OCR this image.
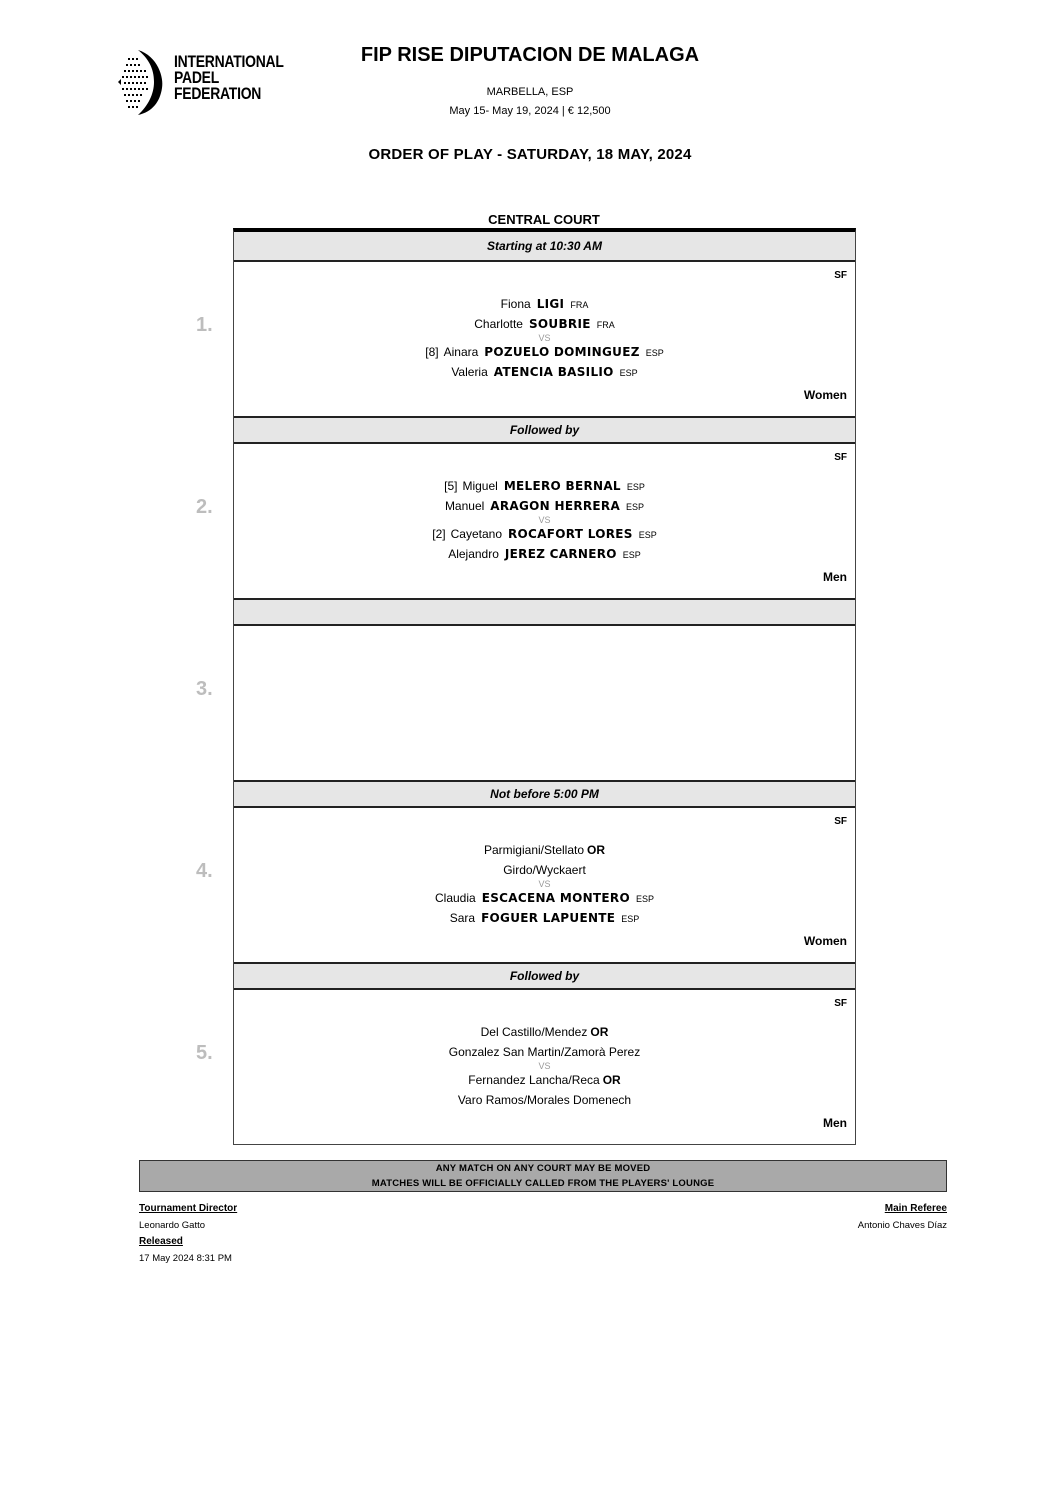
INTERNATIONAL
PADEL
FEDERATION
FIP RISE DIPUTACION DE MALAGA
MARBELLA, ESP
May 15- May 19, 2024 | € 12,500
ORDER OF PLAY - SATURDAY, 18 MAY, 2024
CENTRAL COURT
Starting at 10:30 AM
1.
SF
Fiona LIGI FRA
Charlotte SOUBRIE FRA
VS
[8] Ainara POZUELO DOMINGUEZ ESP
Valeria ATENCIA BASILIO ESP
Women
Followed by
2.
SF
[5] Miguel MELERO BERNAL ESP
Manuel ARAGON HERRERA ESP
VS
[2] Cayetano ROCAFORT LORES ESP
Alejandro JEREZ CARNERO ESP
Men
3.
Not before 5:00 PM
4.
SF
Parmigiani/Stellato OR
Girdo/Wyckaert
VS
Claudia ESCACENA MONTERO ESP
Sara FOGUER LAPUENTE ESP
Women
Followed by
5.
SF
Del Castillo/Mendez OR
Gonzalez San Martin/Zamorà Perez
VS
Fernandez Lancha/Reca OR
Varo Ramos/Morales Domenech
Men
ANY MATCH ON ANY COURT MAY BE MOVED
MATCHES WILL BE OFFICIALLY CALLED FROM THE PLAYERS' LOUNGE
Tournament Director
Leonardo Gatto
Released
17 May 2024 8:31 PM
Main Referee
Antonio Chaves Díaz
